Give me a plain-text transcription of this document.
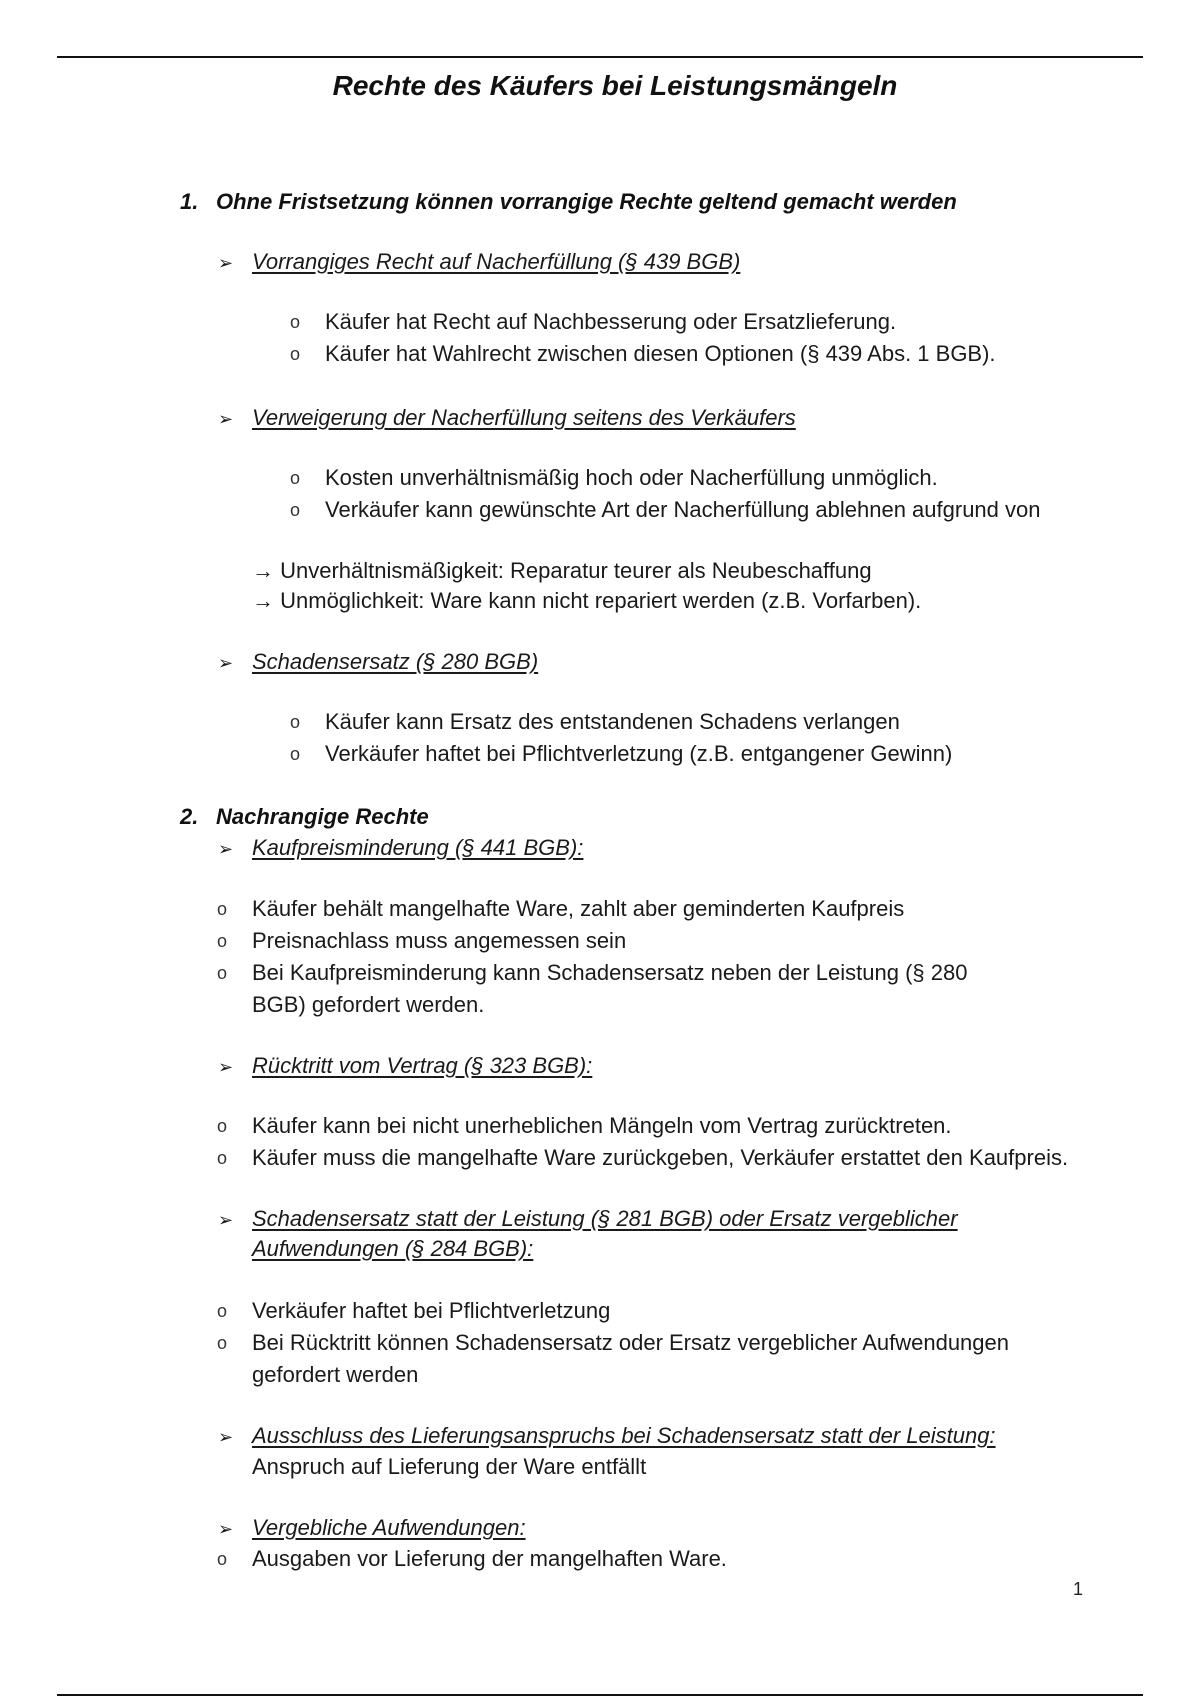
Rechte des Käufers bei Leistungsmängeln
1. Ohne Fristsetzung können vorrangige Rechte geltend gemacht werden
➢ Vorrangiges Recht auf Nacherfüllung (§ 439 BGB)
o Käufer hat Recht auf Nachbesserung oder Ersatzlieferung.
o Käufer hat Wahlrecht zwischen diesen Optionen (§ 439 Abs. 1 BGB).
➢ Verweigerung der Nacherfüllung seitens des Verkäufers
o Kosten unverhältnismäßig hoch oder Nacherfüllung unmöglich.
o Verkäufer kann gewünschte Art der Nacherfüllung ablehnen aufgrund von
→ Unverhältnismäßigkeit: Reparatur teurer als Neubeschaffung
→ Unmöglichkeit: Ware kann nicht repariert werden (z.B. Vorfarben).
➢ Schadensersatz (§ 280 BGB)
o Käufer kann Ersatz des entstandenen Schadens verlangen
o Verkäufer haftet bei Pflichtverletzung (z.B. entgangener Gewinn)
2. Nachrangige Rechte
➢ Kaufpreisminderung (§ 441 BGB):
o Käufer behält mangelhafte Ware, zahlt aber geminderten Kaufpreis
o Preisnachlass muss angemessen sein
o Bei Kaufpreisminderung kann Schadensersatz neben der Leistung (§ 280
BGB) gefordert werden.
➢ Rücktritt vom Vertrag (§ 323 BGB):
o Käufer kann bei nicht unerheblichen Mängeln vom Vertrag zurücktreten.
o Käufer muss die mangelhafte Ware zurückgeben, Verkäufer erstattet den Kaufpreis.
➢ Schadensersatz statt der Leistung (§ 281 BGB) oder Ersatz vergeblicher
Aufwendungen (§ 284 BGB):
o Verkäufer haftet bei Pflichtverletzung
o Bei Rücktritt können Schadensersatz oder Ersatz vergeblicher Aufwendungen
gefordert werden
➢ Ausschluss des Lieferungsanspruchs bei Schadensersatz statt der Leistung:
Anspruch auf Lieferung der Ware entfällt
➢ Vergebliche Aufwendungen:
o Ausgaben vor Lieferung der mangelhaften Ware.
1
